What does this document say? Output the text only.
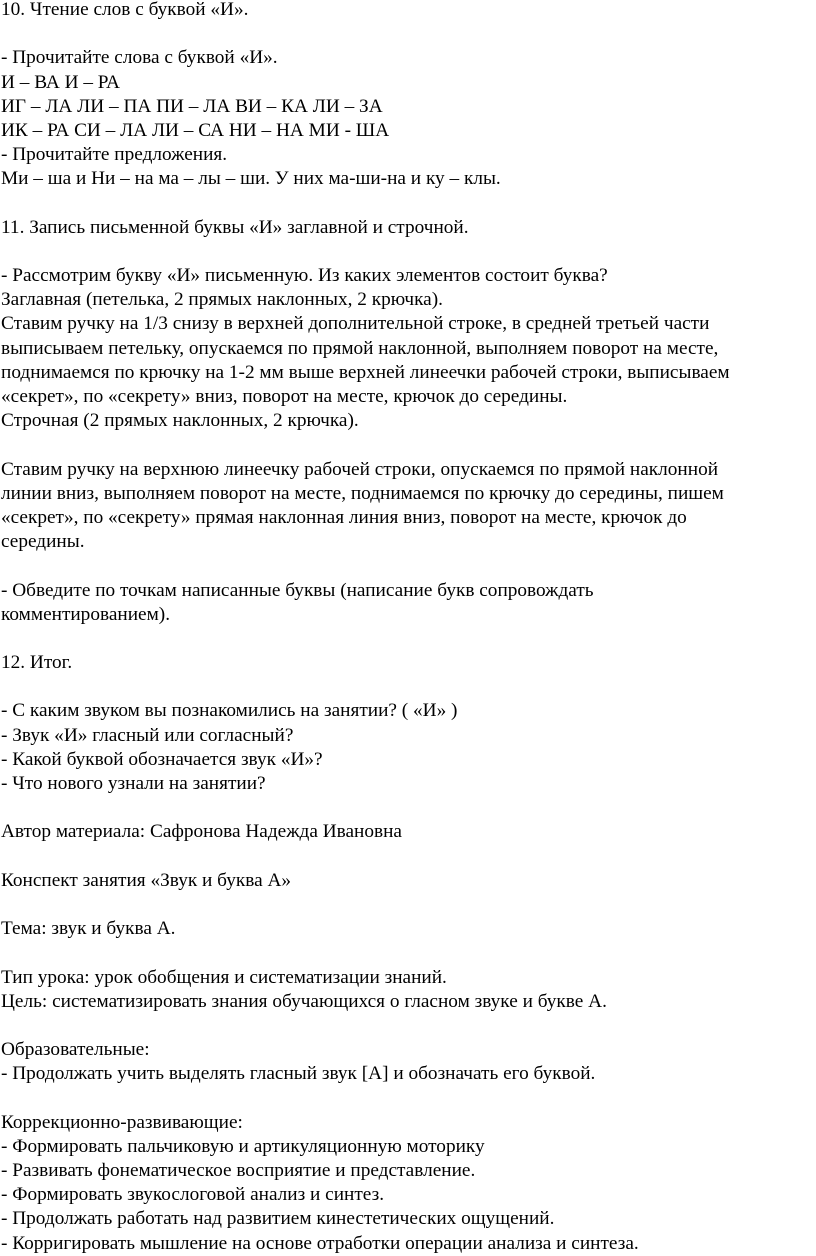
10. Чтение слов с буквой «И».
- Прочитайте слова с буквой «И».
И – ВА И – РА
ИГ – ЛА ЛИ – ПА ПИ – ЛА ВИ – КА ЛИ – ЗА
ИК – РА СИ – ЛА ЛИ – СА НИ – НА МИ - ША
- Прочитайте предложения.
Ми – ша и Ни – на ма – лы – ши. У них ма-ши-на и ку – клы.
11. Запись письменной буквы «И» заглавной и строчной.
- Рассмотрим букву «И» письменную. Из каких элементов состоит буква?
Заглавная (петелька, 2 прямых наклонных, 2 крючка).
Ставим ручку на 1/3 снизу в верхней дополнительной строке, в средней третьей части
выписываем петельку, опускаемся по прямой наклонной, выполняем поворот на месте,
поднимаемся по крючку на 1-2 мм выше верхней линеечки рабочей строки, выписываем
«секрет», по «секрету» вниз, поворот на месте, крючок до середины.
Строчная (2 прямых наклонных, 2 крючка).
Ставим ручку на верхнюю линеечку рабочей строки, опускаемся по прямой наклонной
линии вниз, выполняем поворот на месте, поднимаемся по крючку до середины, пишем
«секрет», по «секрету» прямая наклонная линия вниз, поворот на месте, крючок до
середины.
- Обведите по точкам написанные буквы (написание букв сопровождать
комментированием).
12. Итог.
- С каким звуком вы познакомились на занятии? ( «И» )
- Звук «И» гласный или согласный?
- Какой буквой обозначается звук «И»?
- Что нового узнали на занятии?
Автор материала: Сафронова Надежда Ивановна
Конспект занятия «Звук и буква А»
Тема: звук и буква А.
Тип урока: урок обобщения и систематизации знаний.
Цель: систематизировать знания обучающихся о гласном звуке и букве А.
Образовательные:
- Продолжать учить выделять гласный звук [А] и обозначать его буквой.
Коррекционно-развивающие:
- Формировать пальчиковую и артикуляционную моторику
- Развивать фонематическое восприятие и представление.
- Формировать звукослоговой анализ и синтез.
- Продолжать работать над развитием кинестетических ощущений.
- Корригировать мышление на основе отработки операции анализа и синтеза.
